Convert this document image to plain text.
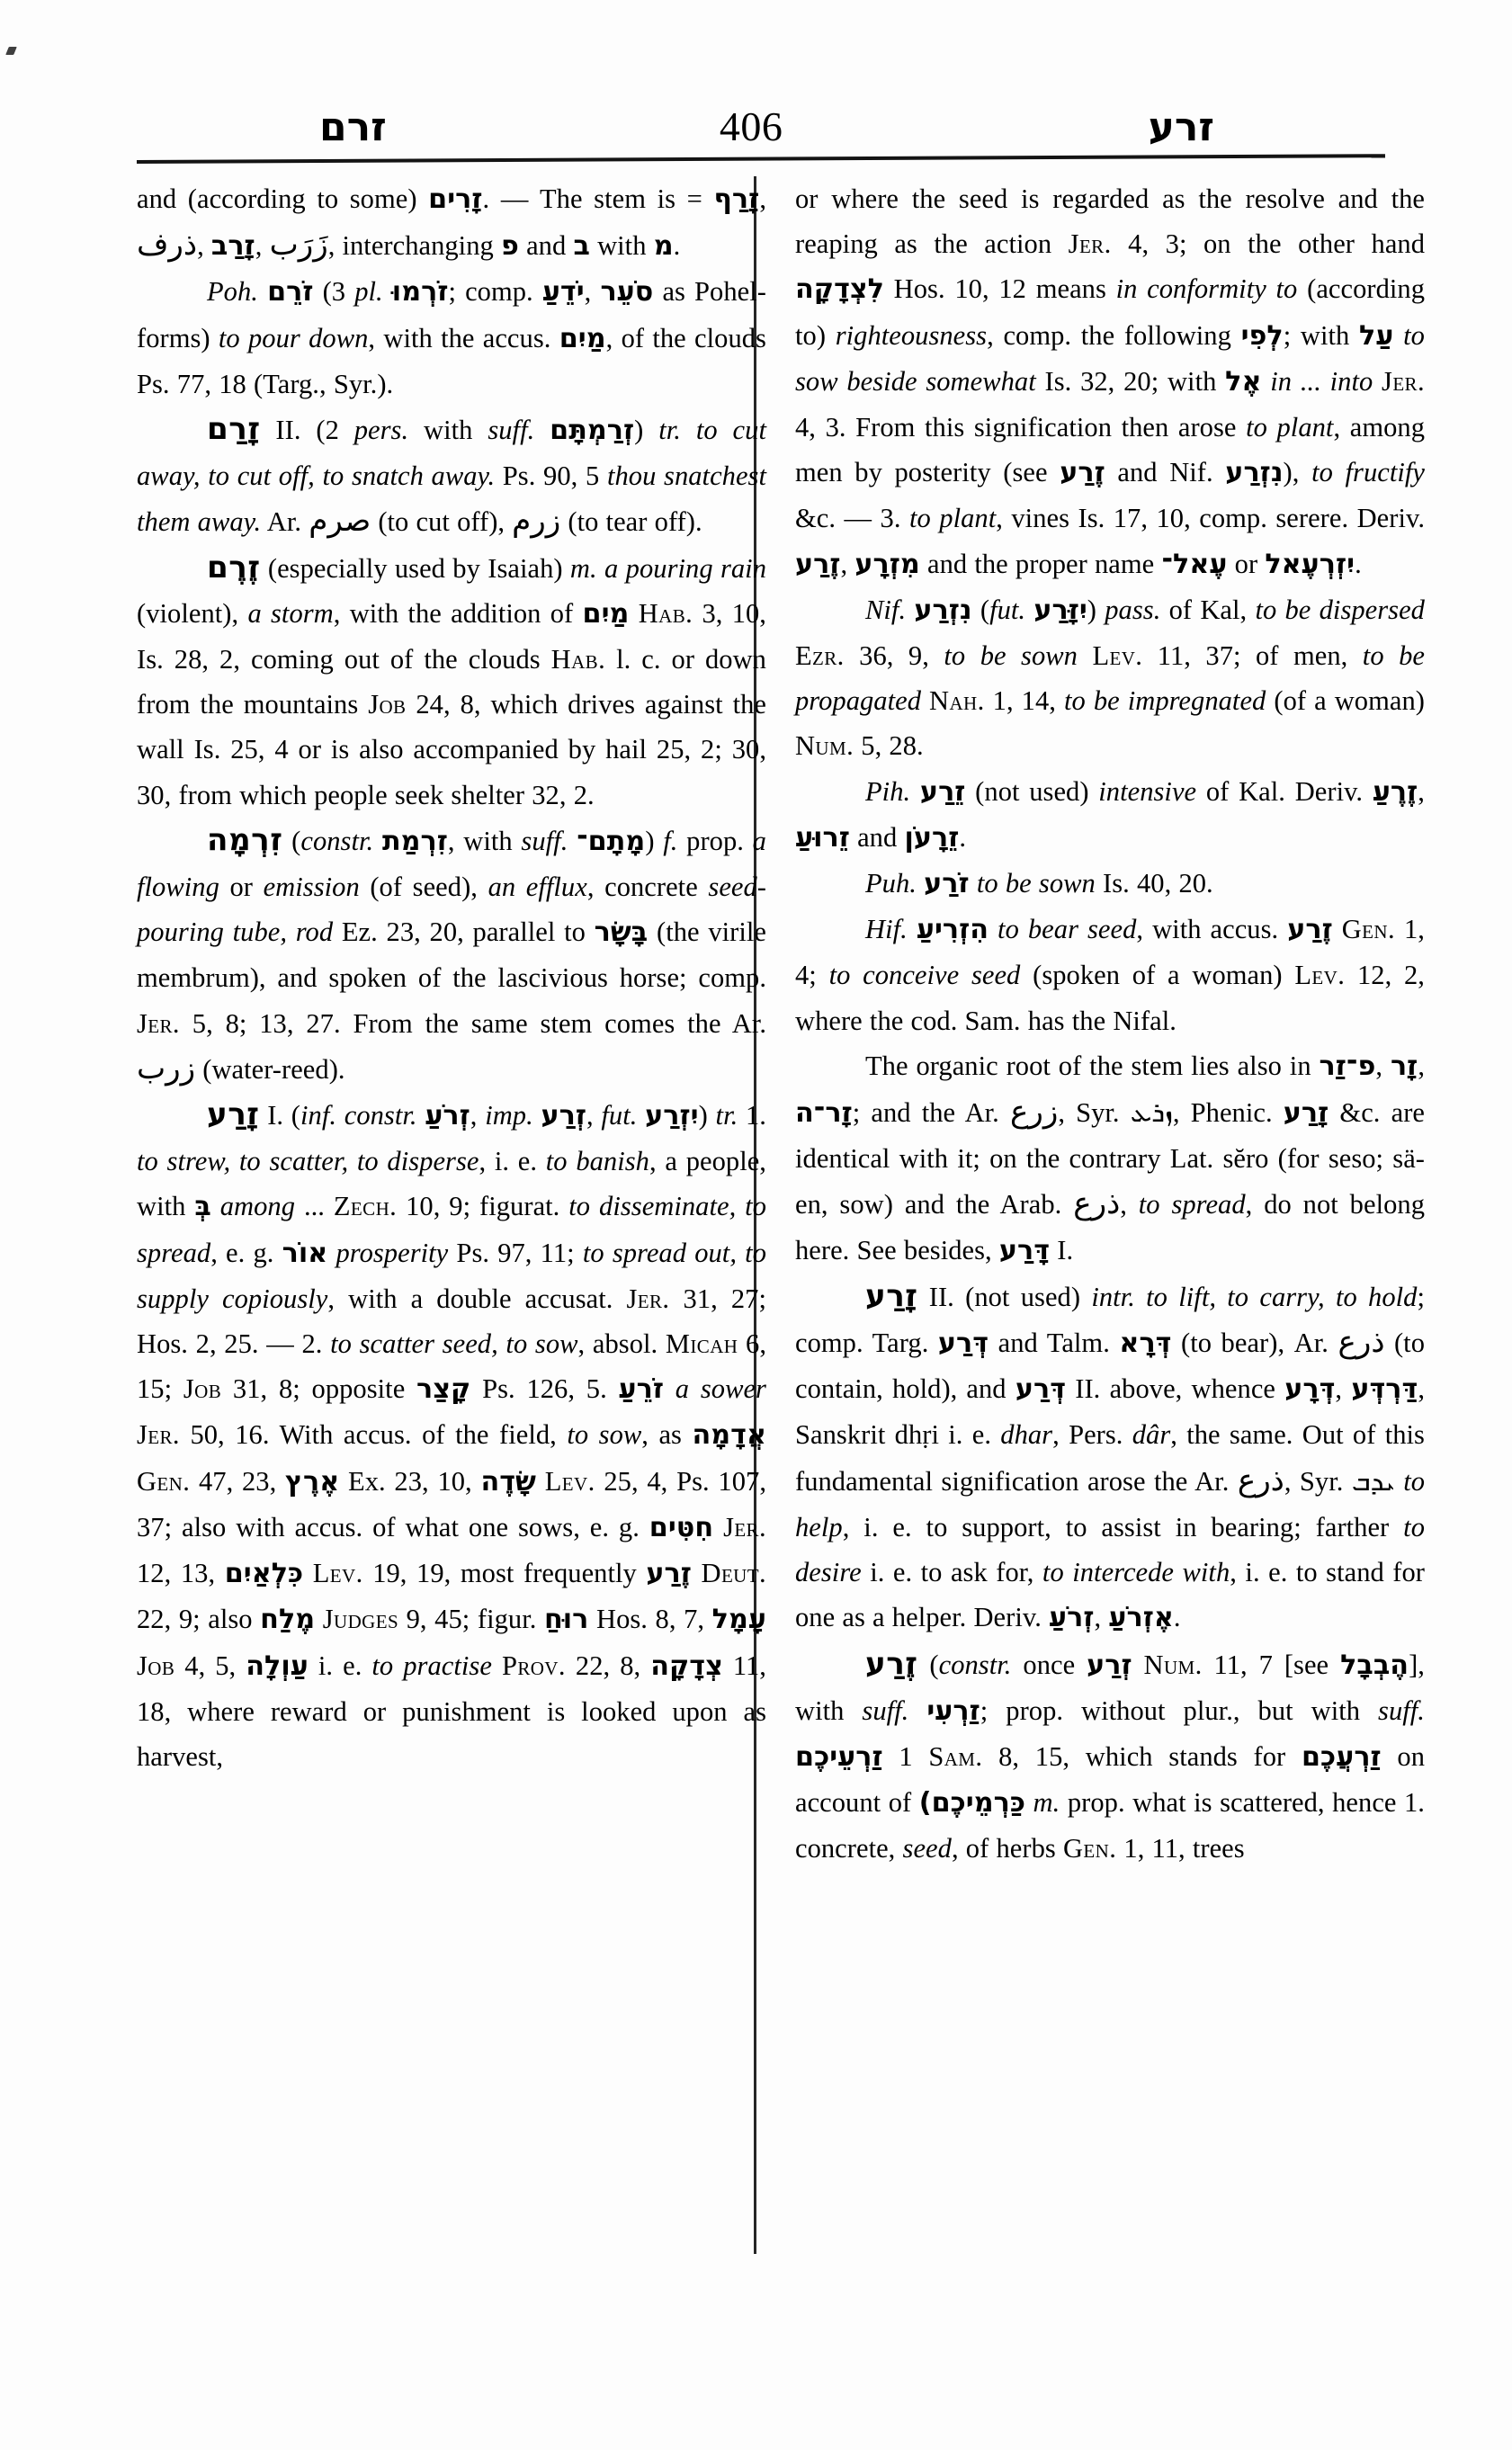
זרם	406	זרע

and (according to some) זָרִים. — The stem is = זָרַף, ذرف, זָרַב, زَرَب, interchanging פ and ב with מ.

Poh. זֹרֵם (3 pl. זֹרְמוּ; comp. יֹדֵעַ, סֹעֵר as Pohel-forms) to pour down, with the accus. מַיִם, of the clouds Ps. 77, 18 (Targ., Syr.).

זָרַם II. (2 pers. with suff. זְרַמְתָּם) tr. to cut away, to cut off, to snatch away. Ps. 90, 5 thou snatchest them away. Ar. صرم (to cut off), زرم (to tear off).

זֶרֶם (especially used by Isaiah) m. a pouring rain (violent), a storm, with the addition of מַיִם Hab. 3, 10, Is. 28, 2, coming out of the clouds Hab. l. c. or down from the mountains Job 24, 8, which drives against the wall Is. 25, 4 or is also accompanied by hail 25, 2; 30, 30, from which people seek shelter 32, 2.

זִרְמָה (constr. זִרְמַת, with suff. מָתָם־) f. prop. a flowing or emission (of seed), an efflux, concrete seed-pouring tube, rod Ez. 23, 20, parallel to בָּשָׂר (the virile membrum), and spoken of the lascivious horse; comp. Jer. 5, 8; 13, 27. From the same stem comes the Ar. زرب (water-reed).

זָרַע I. (inf. constr. זְרֹעַ, imp. זְרַע, fut. יִזְרַע) tr. 1. to strew, to scatter, to disperse, i. e. to banish, a people, with בְּ among ... Zech. 10, 9; figurat. to disseminate, to spread, e. g. אוֹר prosperity Ps. 97, 11; to spread out, to supply copiously, with a double accusat. Jer. 31, 27; Hos. 2, 25. — 2. to scatter seed, to sow, absol. Micah 6, 15; Job 31, 8; opposite קָצַר Ps. 126, 5. זֹרֵעַ a sower Jer. 50, 16. With accus. of the field, to sow, as אֲדָמָה Gen. 47, 23, אֶרֶץ Ex. 23, 10, שָׂדֶה Lev. 25, 4, Ps. 107, 37; also with accus. of what one sows, e. g. חִטִּים Jer. 12, 13, כִּלְאַיִם Lev. 19, 19, most frequently זֶרַע Deut. 22, 9; also מֶלַח Judges 9, 45; figur. רוּחַ Hos. 8, 7, עָמָל Job 4, 5, עַוְלָה i. e. to practise Prov. 22, 8, צְדָקָה 11, 18, where reward or punishment is looked upon as harvest,

or where the seed is regarded as the resolve and the reaping as the action Jer. 4, 3; on the other hand לִצְדָקָה Hos. 10, 12 means in conformity to (according to) righteousness, comp. the following לְפִי; with עַל to sow beside somewhat Is. 32, 20; with אֶל in ... into Jer. 4, 3. From this signification then arose to plant, among men by posterity (see זֶרַע and Nif. נִזְרַע), to fructify &c. — 3. to plant, vines Is. 17, 10, comp. serere. Deriv. זֶרַע, מִזְרָע and the proper name עֶאל־ or יִזְרְעֶאל.

Nif. נִזְרַע (fut. יִזָּרַע) pass. of Kal, to be dispersed Ezr. 36, 9, to be sown Lev. 11, 37; of men, to be propagated Nah. 1, 14, to be impregnated (of a woman) Num. 5, 28.

Pih. זֵרַע (not used) intensive of Kal. Deriv. זֶרֶעַ, זֵרוּעַ and זֵרָעֹן.

Puh. זֹרַע to be sown Is. 40, 20.

Hif. הִזְרִיעַ to bear seed, with accus. זֶרַע Gen. 1, 4; to conceive seed (spoken of a woman) Lev. 12, 2, where the cod. Sam. has the Nifal.

The organic root of the stem lies also in פ־זַר, זָר, זָר־ה; and the Ar. زرع, Syr. ܙܪܥ, Phenic. זָרַע &c. are identical with it; on the contrary Lat. sĕro (for seso; sä-en, sow) and the Arab. ذرع, to spread, do not belong here. See besides, דָּרַע I.

זָרַע II. (not used) intr. to lift, to carry, to hold; comp. Targ. דְּרַע and Talm. דְּרָא (to bear), Ar. ذرع (to contain, hold), and דְּרַע II. above, whence דְּרָע, דַּרְדְּע, Sanskrit dhṛi i. e. dhar, Pers. dâr, the same. Out of this fundamental signification arose the Ar. ذرع, Syr. ܝܕܒ to help, i. e. to support, to assist in bearing; farther to desire i. e. to ask for, to intercede with, i. e. to stand for one as a helper. Deriv. זְרֹעַ, אֶזְרֹעַ.

זֶרַע (constr. once זְרַע Num. 11, 7 [see הֶבְבָל], with suff. זַרְעִי; prop. without plur., but with suff. זַרְעֵיכֶם 1 Sam. 8, 15, which stands for זַרְעֲכֶם on account of כַּרְמֵיכֶם) m. prop. what is scattered, hence 1. concrete, seed, of herbs Gen. 1, 11, trees
